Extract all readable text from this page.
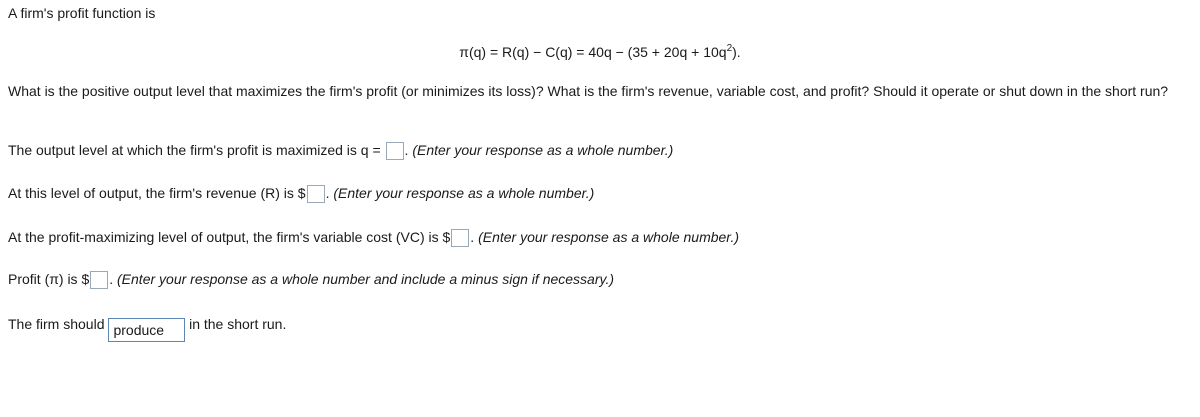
A firm's profit function is
$\pi(q) = R(q) - C(q) = 40q - (35 + 20q + 10q^2)$.
What is the positive output level that maximizes the firm's profit (or minimizes its loss)? What is the firm's revenue, variable cost, and profit? Should it operate or shut down in the short run?
The output level at which the firm's profit is maximized is q = . (Enter your response as a whole number.)
At this level of output, the firm's revenue (R) is $ . (Enter your response as a whole number.)
At the profit-maximizing level of output, the firm's variable cost (VC) is $ . (Enter your response as a whole number.)
Profit (π) is $ . (Enter your response as a whole number and include a minus sign if necessary.)
The firm should produce in the short run.
